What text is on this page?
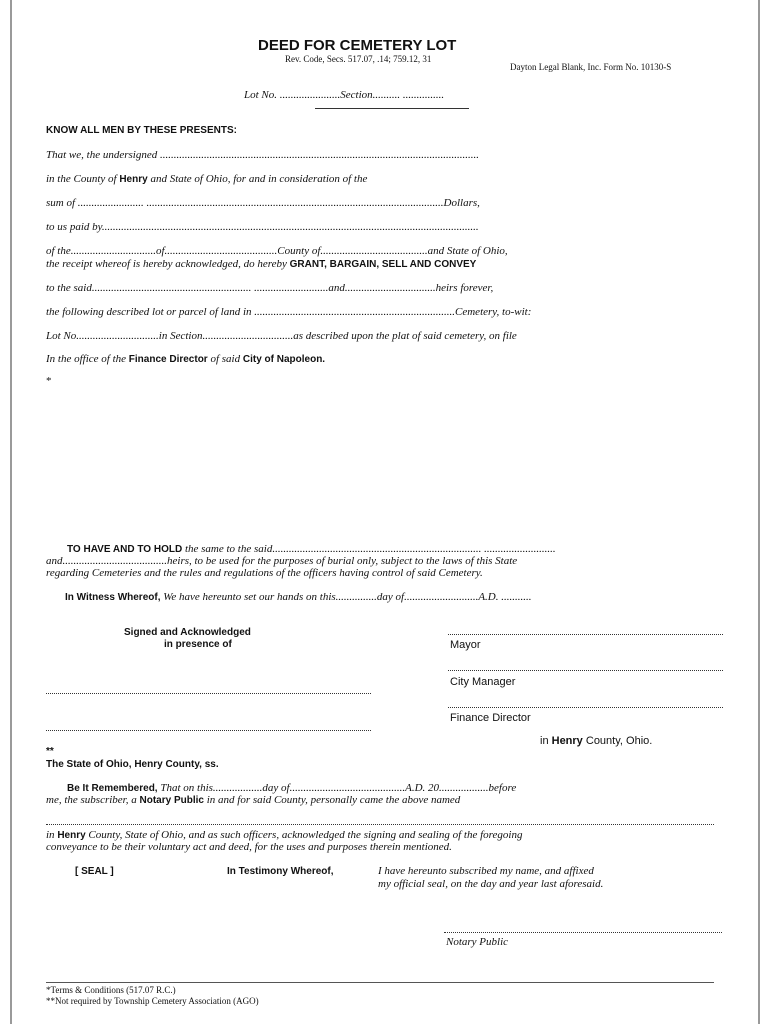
DEED FOR CEMETERY LOT
Rev. Code, Secs. 517.07, .14; 759.12, 31
Dayton Legal Blank, Inc. Form No. 10130-S
Lot No. ......................Section.......... ...............
KNOW ALL MEN BY THESE PRESENTS:
That we, the undersigned ....................................................................................................................
in the County of Henry and State of Ohio, for and in consideration of the
sum of ........................ ............................................................................................................Dollars,
to us paid by.........................................................................................................................................
of the...............................of.........................................County of.......................................and State of Ohio,
the receipt whereof is hereby acknowledged, do hereby GRANT, BARGAIN, SELL AND CONVEY
to the said.......................................................... ...........................and.................................heirs forever,
the following described lot or parcel of land in .........................................................................Cemetery, to-wit:
Lot No..............................in Section.................................as described upon the plat of said cemetery, on file
In the office of the Finance Director of said City of Napoleon.
*
TO HAVE AND TO HOLD the same to the said............................................................................ ..........................
and......................................heirs, to be used for the purposes of burial only, subject to the laws of this State
regarding Cemeteries and the rules and regulations of the officers having control of said Cemetery.
In Witness Whereof, We have hereunto set our hands on this...............day of...........................A.D. ...........
Signed and Acknowledged
in presence of	Mayor
City Manager
Finance Director
in Henry County, Ohio.
**
The State of Ohio, Henry County, ss.
Be It Remembered, That on this..................day of..........................................A.D. 20..................before
me, the subscriber, a Notary Public in and for said County, personally came the above named
in Henry County, State of Ohio, and as such officers, acknowledged the signing and sealing of the foregoing
conveyance to be their voluntary act and deed, for the uses and purposes therein mentioned.
[ SEAL ]	In Testimony Whereof,	I have hereunto subscribed my name, and affixed
my official seal, on the day and year last aforesaid.
Notary Public
*Terms & Conditions (517.07 R.C.)
**Not required by Township Cemetery Association (AGO)
